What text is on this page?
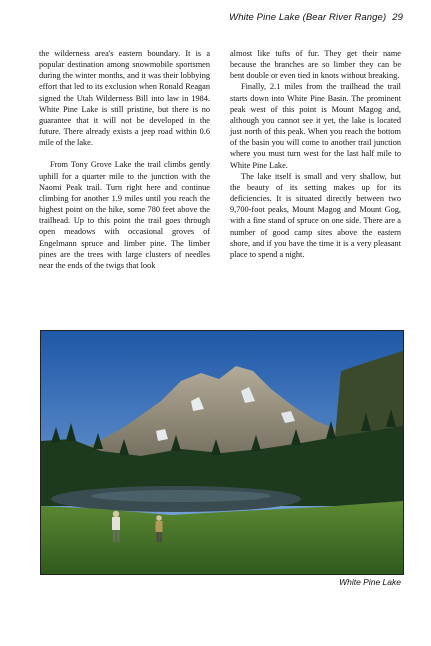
White Pine Lake (Bear River Range) 29

the wilderness area's eastern boundary. It is a popular destination among snowmobile sportsmen during the winter months, and it was their lobbying effort that led to its exclusion when Ronald Reagan signed the Utah Wilderness Bill into law in 1984. White Pine Lake is still pristine, but there is no guarantee that it will not be developed in the future. There already exists a jeep road within 0.6 mile of the lake.

From Tony Grove Lake the trail climbs gently uphill for a quarter mile to the junction with the Naomi Peak trail. Turn right here and continue climbing for another 1.9 miles until you reach the highest point on the hike, some 780 feet above the trailhead. Up to this point the trail goes through open meadows with occasional groves of Engelmann spruce and limber pine. The limber pines are the trees with large clusters of needles near the ends of the twigs that look

almost like tufts of fur. They get their name because the branches are so limber they can be bent double or even tied in knots without breaking.

Finally, 2.1 miles from the trailhead the trail starts down into White Pine Basin. The prominent peak west of this point is Mount Magog and, although you cannot see it yet, the lake is located just north of this peak. When you reach the bottom of the basin you will come to another trail junction where you must turn west for the last half mile to White Pine Lake.

The lake itself is small and very shallow, but the beauty of its setting makes up for its deficiencies. It is situated directly between two 9,700-foot peaks, Mount Magog and Mount Gog, with a fine stand of spruce on one side. There are a number of good camp sites above the eastern shore, and if you have the time it is a very pleasant place to spend a night.

White Pine Lake
